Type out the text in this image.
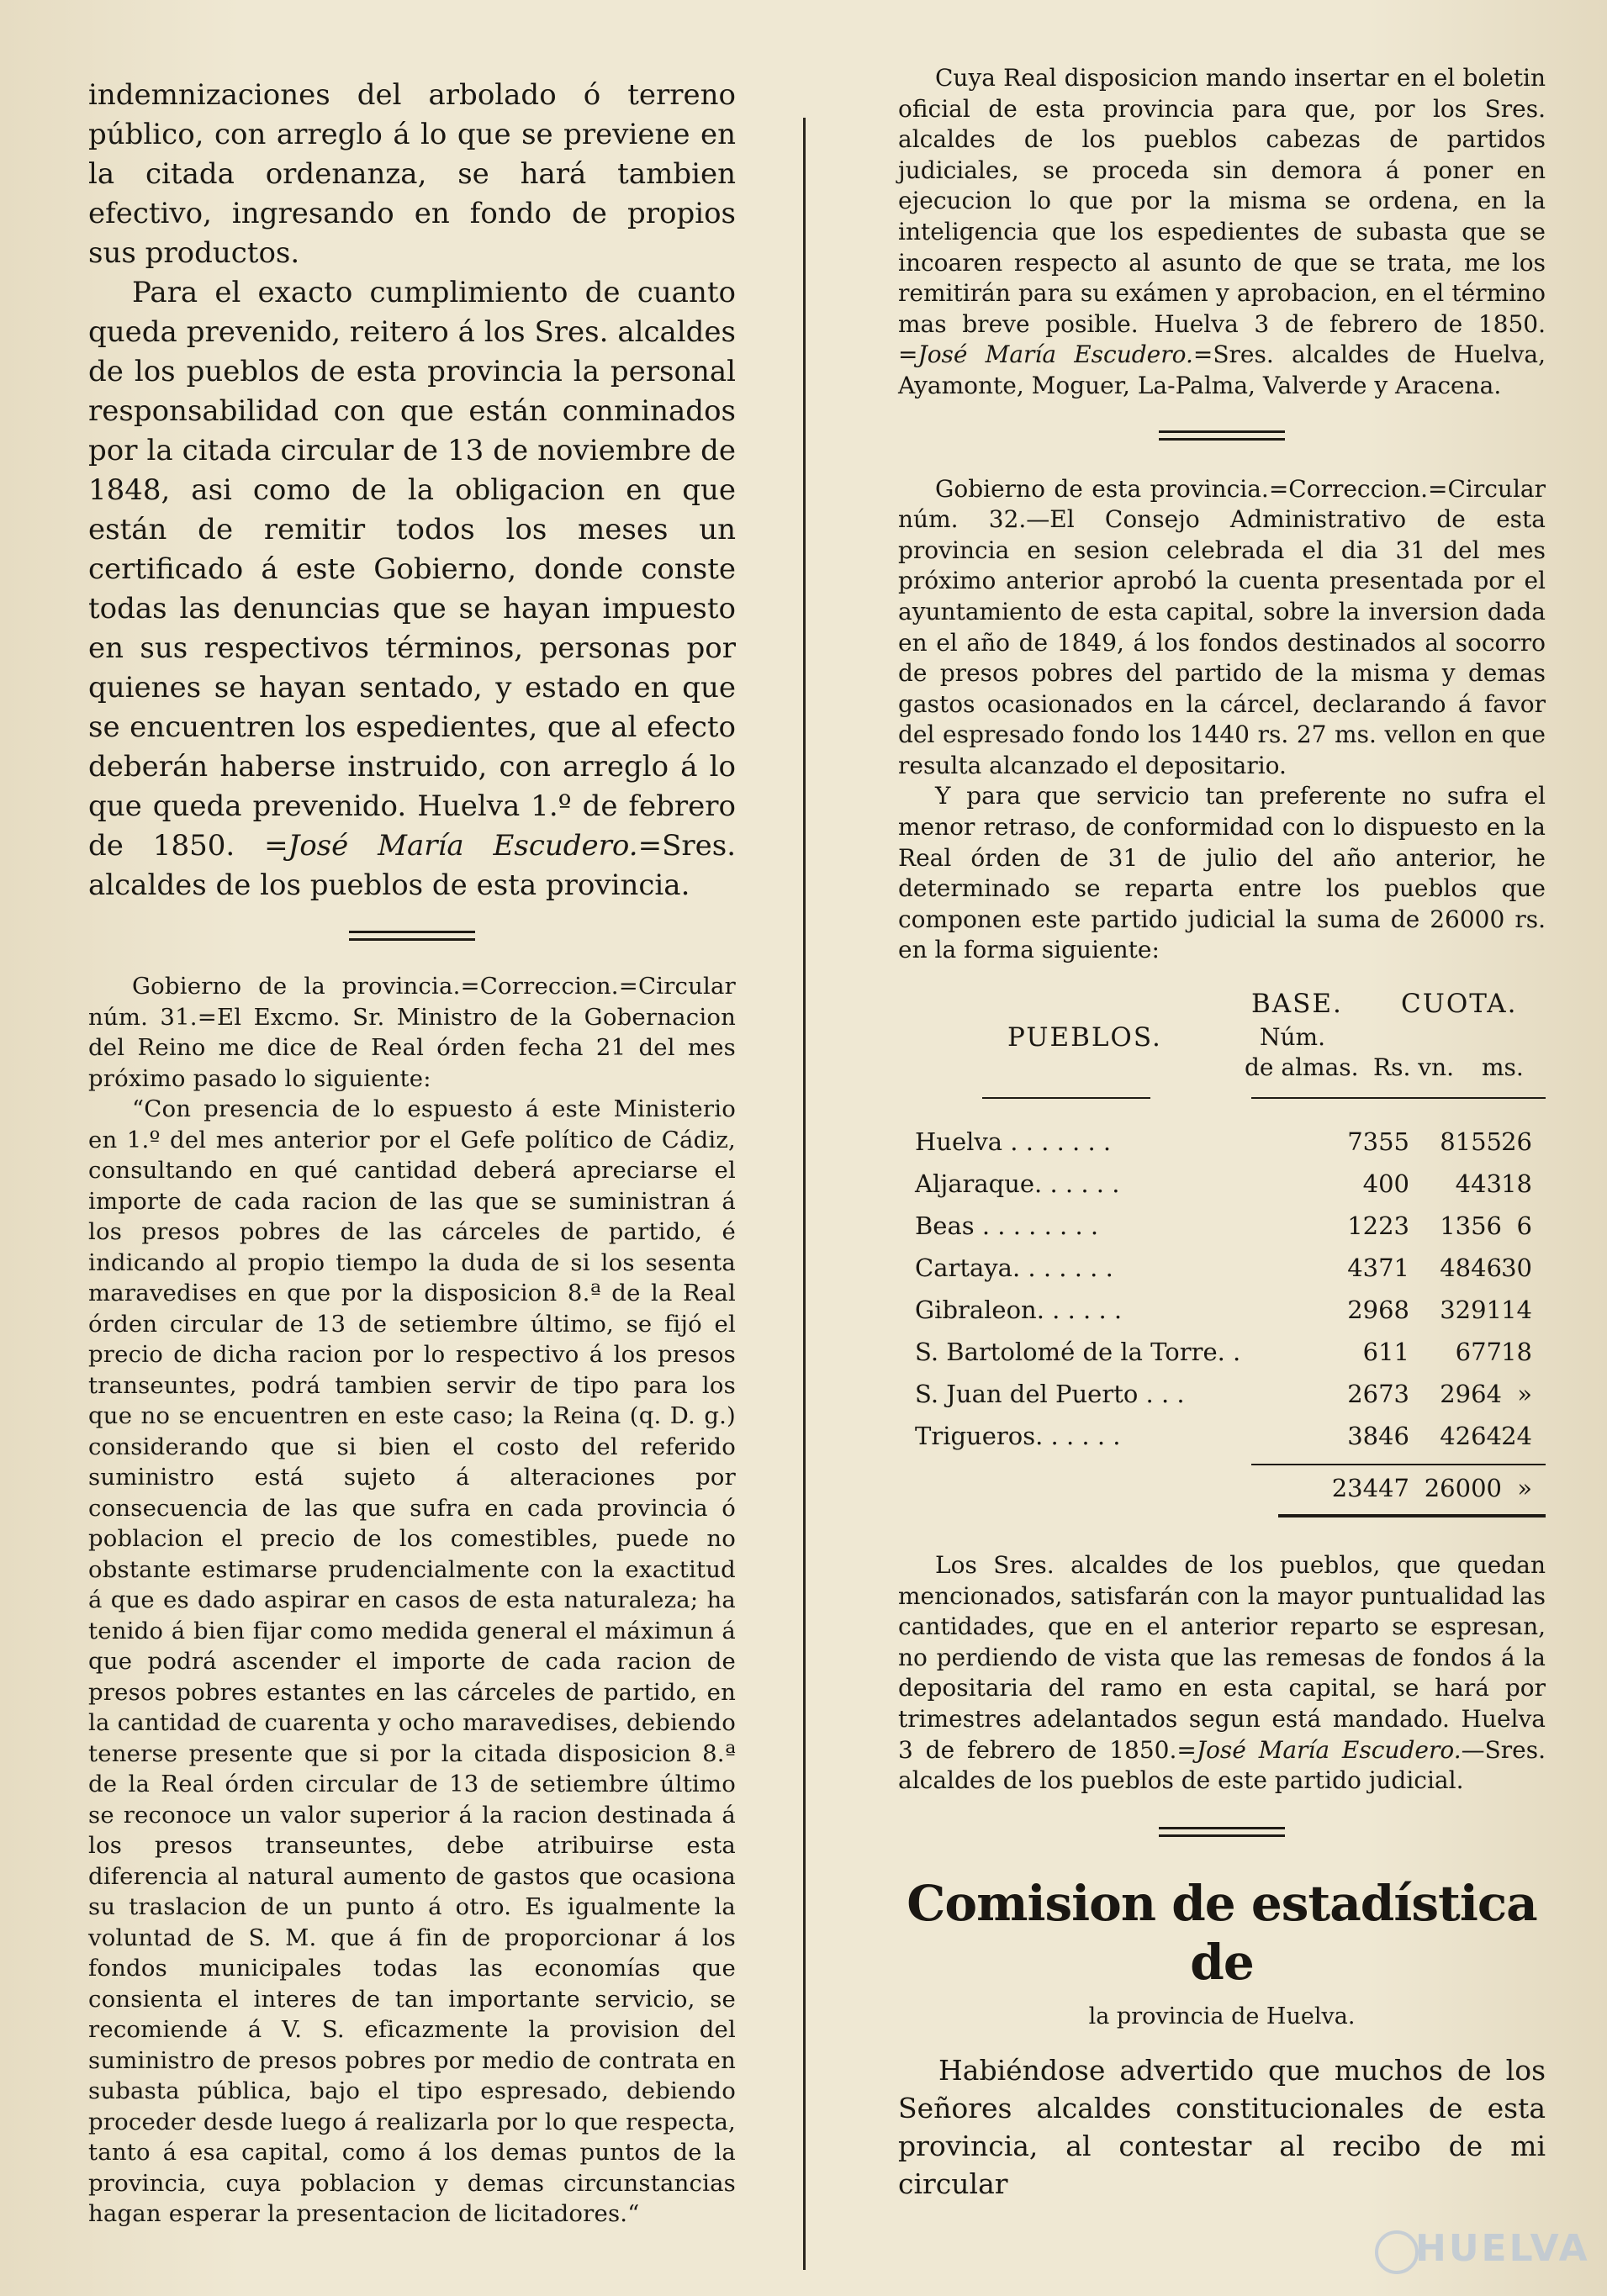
indemnizaciones del arbolado ó terreno público, con arreglo á lo que se previene en la citada ordenanza, se hará tambien efectivo, ingresando en fondo de propios sus productos.

Para el exacto cumplimiento de cuanto queda prevenido, reitero á los Sres. alcaldes de los pueblos de esta provincia la personal responsabilidad con que están conminados por la citada circular de 13 de noviembre de 1848, asi como de la obligacion en que están de remitir todos los meses un certificado á este Gobierno, donde conste todas las denuncias que se hayan impuesto en sus respectivos términos, personas por quienes se hayan sentado, y estado en que se encuentren los espedientes, que al efecto deberán haberse instruido, con arreglo á lo que queda prevenido. Huelva 1.º de febrero de 1850. =José María Escudero.=Sres. alcaldes de los pueblos de esta provincia.

Gobierno de la provincia.=Correccion.=Circular núm. 31.=El Excmo. Sr. Ministro de la Gobernacion del Reino me dice de Real órden fecha 21 del mes próximo pasado lo siguiente:

“Con presencia de lo espuesto á este Ministerio en 1.º del mes anterior por el Gefe político de Cádiz, consultando en qué cantidad deberá apreciarse el importe de cada racion de las que se suministran á los presos pobres de las cárceles de partido, é indicando al propio tiempo la duda de si los sesenta maravedises en que por la disposicion 8.ª de la Real órden circular de 13 de setiembre último, se fijó el precio de dicha racion por lo respectivo á los presos transeuntes, podrá tambien servir de tipo para los que no se encuentren en este caso; la Reina (q. D. g.) considerando que si bien el costo del referido suministro está sujeto á alteraciones por consecuencia de las que sufra en cada provincia ó poblacion el precio de los comestibles, puede no obstante estimarse prudencialmente con la exactitud á que es dado aspirar en casos de esta naturaleza; ha tenido á bien fijar como medida general el máximun á que podrá ascender el importe de cada racion de presos pobres estantes en las cárceles de partido, en la cantidad de cuarenta y ocho maravedises, debiendo tenerse presente que si por la citada disposicion 8.ª de la Real órden circular de 13 de setiembre último se reconoce un valor superior á la racion destinada á los presos transeuntes, debe atribuirse esta diferencia al natural aumento de gastos que ocasiona su traslacion de un punto á otro. Es igualmente la voluntad de S. M. que á fin de proporcionar á los fondos municipales todas las economías que consienta el interes de tan importante servicio, se recomiende á V. S. eficazmente la provision del suministro de presos pobres por medio de contrata en subasta pública, bajo el tipo espresado, debiendo proceder desde luego á realizarla por lo que respecta, tanto á esa capital, como á los demas puntos de la provincia, cuya poblacion y demas circunstancias hagan esperar la presentacion de licitadores.“

Cuya Real disposicion mando insertar en el boletin oficial de esta provincia para que, por los Sres. alcaldes de los pueblos cabezas de partidos judiciales, se proceda sin demora á poner en ejecucion lo que por la misma se ordena, en la inteligencia que los espedientes de subasta que se incoaren respecto al asunto de que se trata, me los remitirán para su exámen y aprobacion, en el término mas breve posible. Huelva 3 de febrero de 1850. =José María Escudero.=Sres. alcaldes de Huelva, Ayamonte, Moguer, La-Palma, Valverde y Aracena.

Gobierno de esta provincia.=Correccion.=Circular núm. 32.—El Consejo Administrativo de esta provincia en sesion celebrada el dia 31 del mes próximo anterior aprobó la cuenta presentada por el ayuntamiento de esta capital, sobre la inversion dada en el año de 1849, á los fondos destinados al socorro de presos pobres del partido de la misma y demas gastos ocasionados en la cárcel, declarando á favor del espresado fondo los 1440 rs. 27 ms. vellon en que resulta alcanzado el depositario.

Y para que servicio tan preferente no sufra el menor retraso, de conformidad con lo dispuesto en la Real órden de 31 de julio del año anterior, he determinado se reparta entre los pueblos que componen este partido judicial la suma de 26000 rs. en la forma siguiente:

BASE. CUOTA.
PUEBLOS.	Núm.
de almas. Rs. vn. ms.
Huelva . . . . . . .	7355	8155 26
Aljaraque. . . . . .	400	443 18
Beas . . . . . . . .	1223	1356 6
Cartaya. . . . . . .	4371	4846 30
Gibraleon. . . . . .	2968	3291 14
S. Bartolomé de la Torre. .	611	677 18
S. Juan del Puerto . . .	2673	2964 »
Trigueros. . . . . .	3846	4264 24
23447 26000 »

Los Sres. alcaldes de los pueblos, que quedan mencionados, satisfarán con la mayor puntualidad las cantidades, que en el anterior reparto se espresan, no perdiendo de vista que las remesas de fondos á la depositaria del ramo en esta capital, se hará por trimestres adelantados segun está mandado. Huelva 3 de febrero de 1850.=José María Escudero.—Sres. alcaldes de los pueblos de este partido judicial.

Comision de estadística de
la provincia de Huelva.

Habiéndose advertido que muchos de los Señores alcaldes constitucionales de esta provincia, al contestar al recibo de mi circular

HUELVA
